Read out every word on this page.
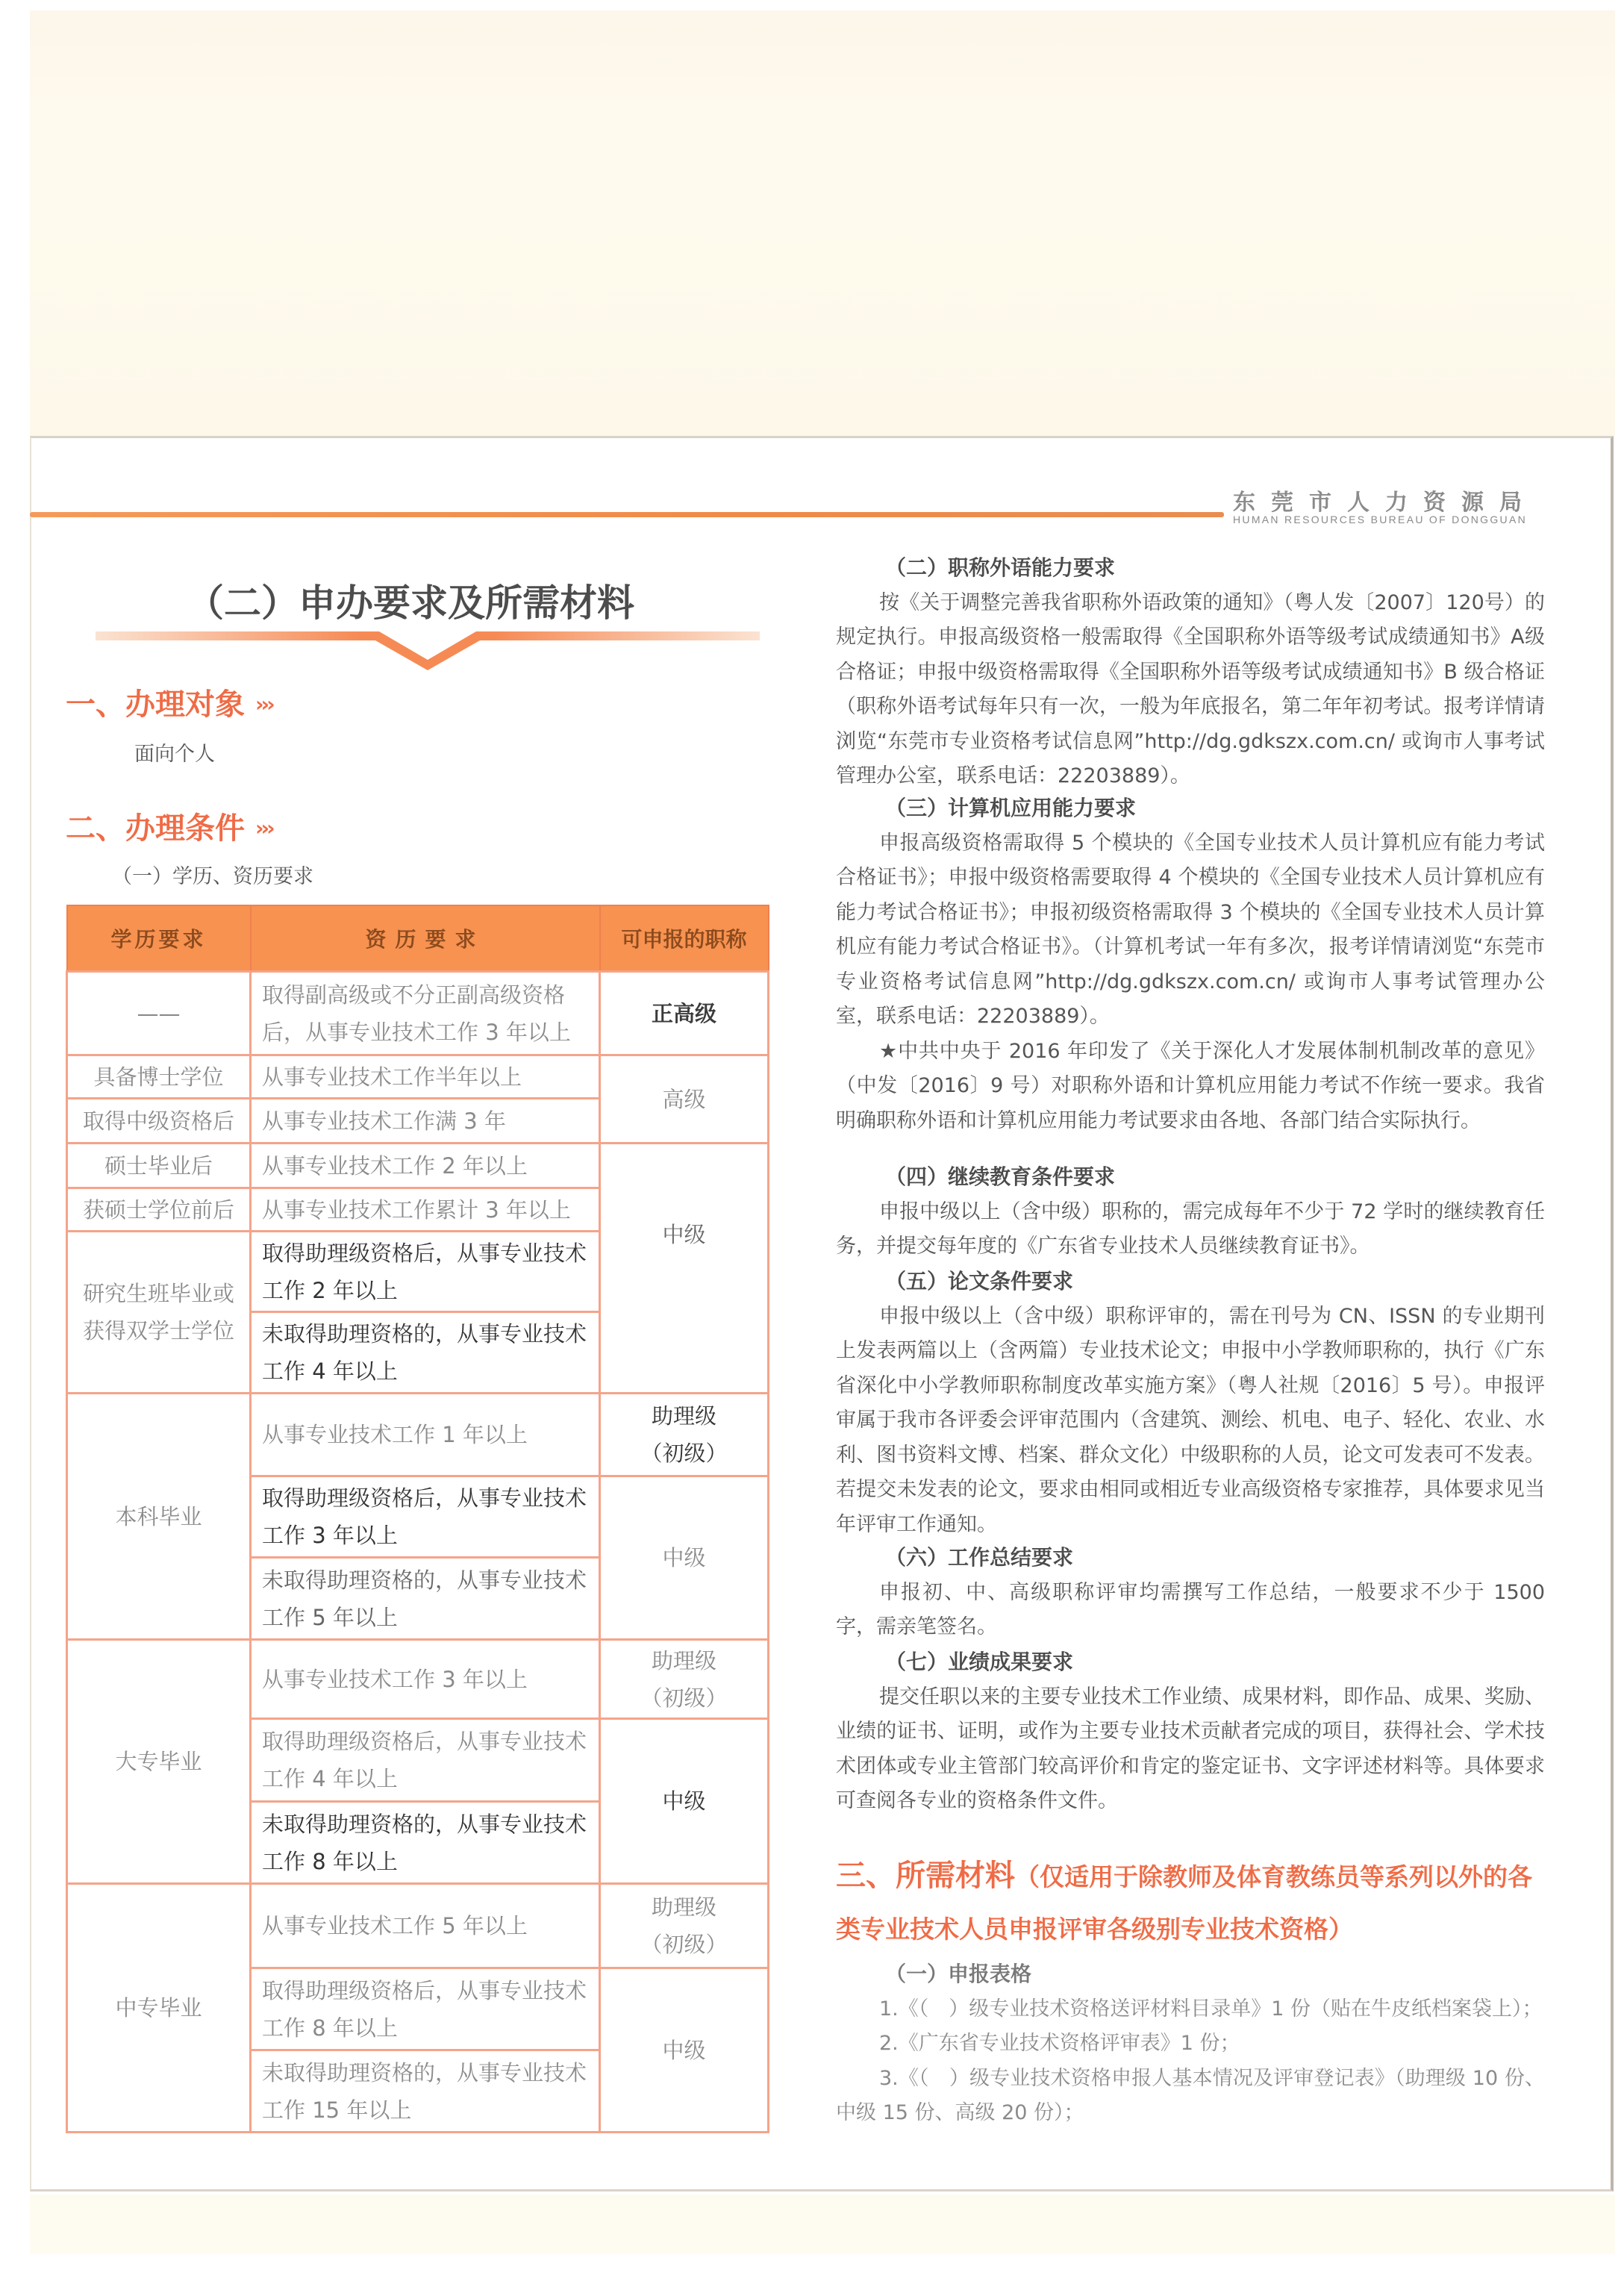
东莞市人力资源局
HUMAN RESOURCES BUREAU OF DONGGUAN
（二）申办要求及所需材料
一、办理对象 ›››
面向个人
二、办理条件 ›››
（一）学历、资历要求
学历要求	资历要求	可申报的职称
——	取得副高级或不分正副高级资格后，从事专业技术工作 3 年以上	正高级
具备博士学位	从事专业技术工作半年以上	高级
取得中级资格后	从事专业技术工作满 3 年	
硕士毕业后	从事专业技术工作 2 年以上	中级
获硕士学位前后	从事专业技术工作累计 3 年以上	
研究生班毕业或获得双学士学位	取得助理级资格后，从事专业技术工作 2 年以上	
	未取得助理资格的，从事专业技术工作 4 年以上	
本科毕业	从事专业技术工作 1 年以上	助理级（初级）
	取得助理级资格后，从事专业技术工作 3 年以上	中级
	未取得助理资格的，从事专业技术工作 5 年以上	
大专毕业	从事专业技术工作 3 年以上	助理级（初级）
	取得助理级资格后，从事专业技术工作 4 年以上	中级
	未取得助理资格的，从事专业技术工作 8 年以上	
中专毕业	从事专业技术工作 5 年以上	助理级（初级）
	取得助理级资格后，从事专业技术工作 8 年以上	中级
	未取得助理资格的，从事专业技术工作 15 年以上	
（二）职称外语能力要求

按《关于调整完善我省职称外语政策的通知》（粤人发〔2007〕120号）的规定执行。申报高级资格一般需取得《全国职称外语等级考试成绩通知书》A级合格证；申报中级资格需取得《全国职称外语等级考试成绩通知书》B 级合格证（职称外语考试每年只有一次，一般为年底报名，第二年年初考试。报考详情请浏览“东莞市专业资格考试信息网”http://dg.gdkszx.com.cn/ 或询市人事考试管理办公室，联系电话：22203889）。

（三）计算机应用能力要求

申报高级资格需取得 5 个模块的《全国专业技术人员计算机应有能力考试合格证书》；申报中级资格需要取得 4 个模块的《全国专业技术人员计算机应有能力考试合格证书》；申报初级资格需取得 3 个模块的《全国专业技术人员计算机应有能力考试合格证书》。（计算机考试一年有多次，报考详情请浏览“东莞市专业资格考试信息网”http://dg.gdkszx.com.cn/ 或询市人事考试管理办公室，联系电话：22203889）。

★中共中央于 2016 年印发了《关于深化人才发展体制机制改革的意见》（中发〔2016〕9 号）对职称外语和计算机应用能力考试不作统一要求。我省明确职称外语和计算机应用能力考试要求由各地、各部门结合实际执行。

（四）继续教育条件要求

申报中级以上（含中级）职称的，需完成每年不少于 72 学时的继续教育任务，并提交每年度的《广东省专业技术人员继续教育证书》。

（五）论文条件要求

申报中级以上（含中级）职称评审的，需在刊号为 CN、ISSN 的专业期刊上发表两篇以上（含两篇）专业技术论文；申报中小学教师职称的，执行《广东省深化中小学教师职称制度改革实施方案》（粤人社规〔2016〕5 号）。申报评审属于我市各评委会评审范围内（含建筑、测绘、机电、电子、轻化、农业、水利、图书资料文博、档案、群众文化）中级职称的人员，论文可发表可不发表。若提交未发表的论文，要求由相同或相近专业高级资格专家推荐，具体要求见当年评审工作通知。

（六）工作总结要求

申报初、中、高级职称评审均需撰写工作总结，一般要求不少于 1500 字，需亲笔签名。

（七）业绩成果要求

提交任职以来的主要专业技术工作业绩、成果材料，即作品、成果、奖励、业绩的证书、证明，或作为主要专业技术贡献者完成的项目，获得社会、学术技术团体或专业主管部门较高评价和肯定的鉴定证书、文字评述材料等。具体要求可查阅各专业的资格条件文件。

三、所需材料（仅适用于除教师及体育教练员等系列以外的各类专业技术人员申报评审各级别专业技术资格）
（一）申报表格

1.《（　）级专业技术资格送评材料目录单》1 份（贴在牛皮纸档案袋上）；

2.《广东省专业技术资格评审表》1 份；

3.《（　）级专业技术资格申报人基本情况及评审登记表》（助理级 10 份、中级 15 份、高级 20 份）；
